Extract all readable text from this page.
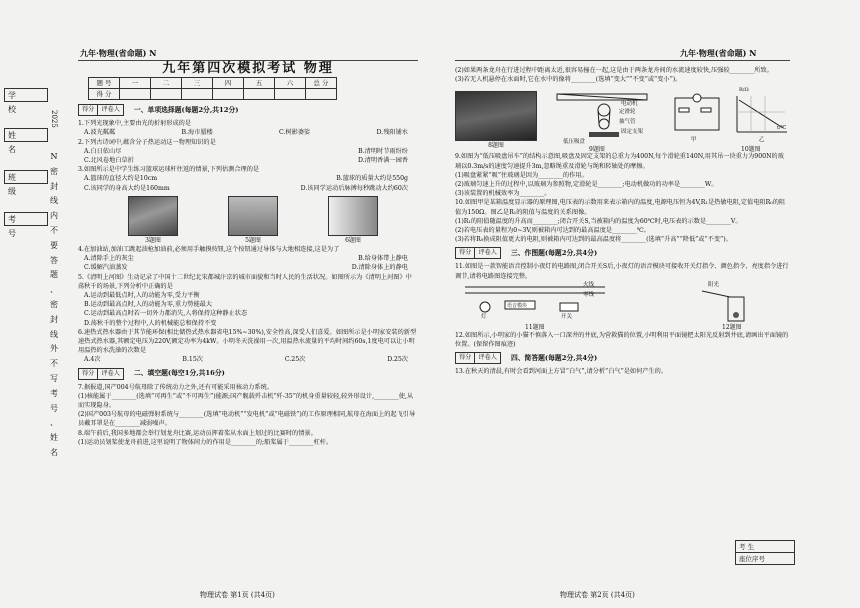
九年·物理(省命题) N	九年·物理(省命题) N
学 校
姓 名
班 级
考 号
2025
N 密 封 线 内 不 要 答 题 、 密 封 线 外 不 写 考 号 、 姓 名
九年第四次模拟考试 物理
题 号	一	二	三	四	五	六	总 分
得 分							
得分 评卷人	一、单项选择题(每题2分,共12分)

1.下列光现象中,主要由光的折射形成的是

A.波光粼粼	B.海市蜃楼	C.树影婆娑	D.残阳铺水

2.下列古诗词中,蕴含分子热运动这一物理知识的是

A.白日依山尽	B.清明时节雨纷纷
C.北风卷地白草折	D.清明香满一园香

3.如图所示是中学生练习篮球运球杆往返的情景,下列估测合理的是

A.篮球的直径大约是10cm	B.篮球的质量大约是550g
C.该同学的身高大约是160mm	D.该同学运动后脉搏每秒跳动大约60次
3题图	5题图	6题图

4.在加油站,加油工跳起油枪加油前,必须用手触摸按钮,这个按钮通过导体与大地相连接,这是为了

A.清除手上的灰尘	B.给身体带上静电
C.缓解汽油蒸发	D.清除身体上的静电

5.《清明上河图》生动记录了中国十二世纪北宋都城汴京的城市面貌和当时人民的生活状况。如图所示为《清明上河图》中荡秋千的场景,下列分析中正确的是

A.运动到最低点时,人的动能为零,受力平衡

B.运动到最高点时,人的动能为零,重力势能最大

C.运动到最高点时若一切外力都消失,人将保持这种静止状态

D.荡秋千的整个过程中,人的机械能总和保持不变

6.速热式热水器由于其节能环保(相比储热式热水器省电15%~30%),安全性高,深受人们喜爱。如图所示是小明家安装的新型速热式热水器,其额定电压为220V,额定功率为4kW。小明冬天洗澡用一次,用温热水流量的平均时间约60s,1度电可以让小明用温热的水洗澡的次数是

A.4次	B.15次	C.25次	D.25次
得分 评卷人	二、填空题(每空1分,共16分)

7.据报道,国产004号航母除了传统动力之外,还有可能采用核动力系统。

(1)核能属于________(选填“可再生”或“不可再生”)能源;国产舰载歼击机“歼-35”的机身重量较轻,较外形设计,________使,从而实现隐身。

(2)国产003号航母的电磁弹射系统与________(选填“电动机”“发电机”或“电磁铁”)的工作原理相同,航母在海面上的起飞引导员戴耳罩是在________减弱噪声。

8.端午前后,我国多地都会举行划龙舟比赛,运动员挥着桨从水面上划过的比赛时的情景。

(1)运动员划桨使龙舟前进,这里说明了物体间力的作用是________的;船桨属于________杠杆。

(2)如果两条龙舟在行进过程中距离太近,很容易撞在一起,这是由于两条龙舟间的水流速度较快,压强较________所致。

(3)若无人机悬停在水面时,它在水中的像将________(选填“变大”“不变”或“变小”)。

8题图
电动机
定滑轮
抽气管
固定支架
低压吸盘
9题图
甲	乙
R/Ω
t/℃
10题图

9.如图为“低压吸盘吊车”的结构示意图,吸盘及固定支架的总重力为400N,每个滑轮重140N,用其吊一块重力为900N的玻璃以0.3m/s的速度匀速提升3m,忽略绳重及滑轮与绳和转轴处的摩擦。

(1)吸盘紧紧“吸”住玻璃是因为________的作用。

(2)玻璃匀速上升的过程中,以玻璃为参照物,定滑轮是________;电动机做功的功率是________W。

(3)该装置的机械效率为________。

10.如图甲是某箱温度显示器的原理图,电压表的示数用来表示箱内的温度,电源电压恒为4V,R₁是热敏电阻,定值电阻R₀的阻值为150Ω。图乙是R₁的阻值与温度的关系图像。

(1)R₁的阻值随温度的升高而________;闭合开关S,当被箱内的温度为60℃时,电压表的示数是________V。

(2)若电压表的量程为0~3V,则被箱内可达到的最高温度是________℃。

(3)若将R₀换成阻值更大的电阻,则被箱内可达到的最高温度将________(选填“升高”“降低”或“不变”)。

得分 评卷人	三、作图题(每题2分,共4分)

11.如图是一款智能语音控制小夜灯的电路图,闭合开关S后,小夜灯的语音模块可接收开关灯指令、颜色指令、亮度指令进行调节,请将电路图连接完整。

火线
零线
语音模块
灯	开关
11题图
阳光
12题图

12.如图所示,小明家的小猫不慎落入一口深井的井底,为营救猫的位置,小明利用平面镜把太阳光反射到井底,请画出平面镜的位置。(保留作图痕迹)

得分 评卷人	四、简答题(每题2分,共4分)

13.在秋天的清晨,有时会看到河面上方冒“白气”,请分析“白气”是如何产生的。

考 生
座位序号
物理试卷 第1页 (共4页)	物理试卷 第2页 (共4页)
